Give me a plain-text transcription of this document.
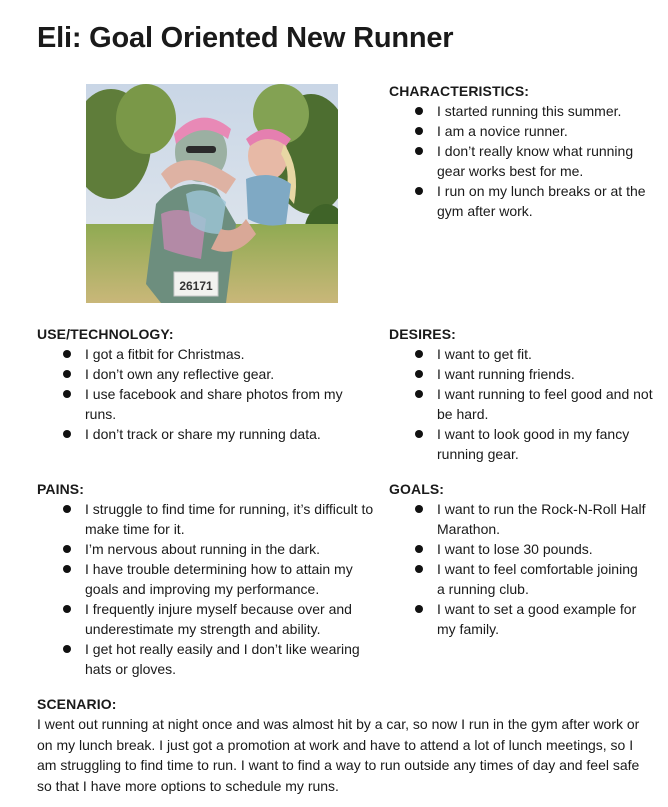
Eli: Goal Oriented New Runner
26171
CHARACTERISTICS:
I started running this summer.
I am a novice runner.
I don’t really know what running gear works best for me.
I run on my lunch breaks or at the gym after work.
USE/TECHNOLOGY:
I got a fitbit for Christmas.
I don’t own any reflective gear.
I use facebook and share photos from my runs.
I don’t track or share my running data.
DESIRES:
I want to get fit.
I want running friends.
I want running to feel good and not be hard.
I want to look good in my fancy running gear.
PAINS:
I struggle to find time for running, it’s difficult to make time for it.
I’m nervous about running in the dark.
I have trouble determining how to attain my goals and improving my performance.
I frequently injure myself because over and underestimate my strength and ability.
I get hot really easily and I don’t like wearing hats or gloves.
GOALS:
I want to run the Rock-N-Roll Half Marathon.
I want to lose 30 pounds.
I want to feel comfortable joining a running club.
I want to set a good example for my family.
SCENARIO:

I went out running at night once and was almost hit by a car, so now I run in the gym after work or on my lunch break. I just got a promotion at work and have to attend a lot of lunch meetings, so I am struggling to find time to run. I want to find a way to run outside any times of day and feel safe so that I have more options to schedule my runs.
